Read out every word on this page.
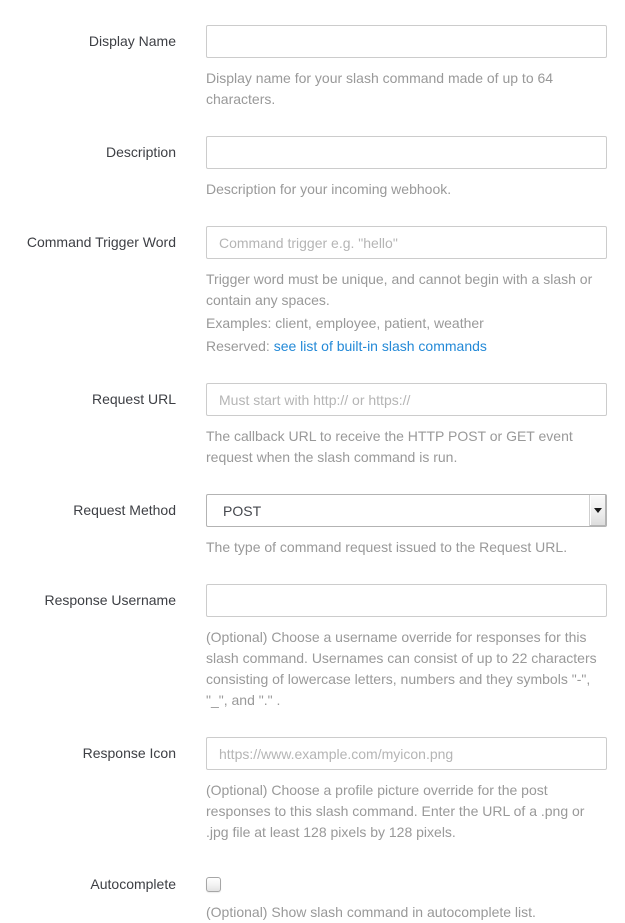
Display Name

Display name for your slash command made of up to 64 characters.

Description

Description for your incoming webhook.

Command Trigger Word
Command trigger e.g. "hello"

Trigger word must be unique, and cannot begin with a slash or contain any spaces.

Examples: client, employee, patient, weather

Reserved: see list of built-in slash commands

Request URL
Must start with http:// or https://

The callback URL to receive the HTTP POST or GET event request when the slash command is run.

Request Method
POST

The type of command request issued to the Request URL.

Response Username

(Optional) Choose a username override for responses for this slash command. Usernames can consist of up to 22 characters consisting of lowercase letters, numbers and they symbols "-", "_", and "." .

Response Icon
https://www.example.com/myicon.png

(Optional) Choose a profile picture override for the post responses to this slash command. Enter the URL of a .png or .jpg file at least 128 pixels by 128 pixels.

Autocomplete

(Optional) Show slash command in autocomplete list.
